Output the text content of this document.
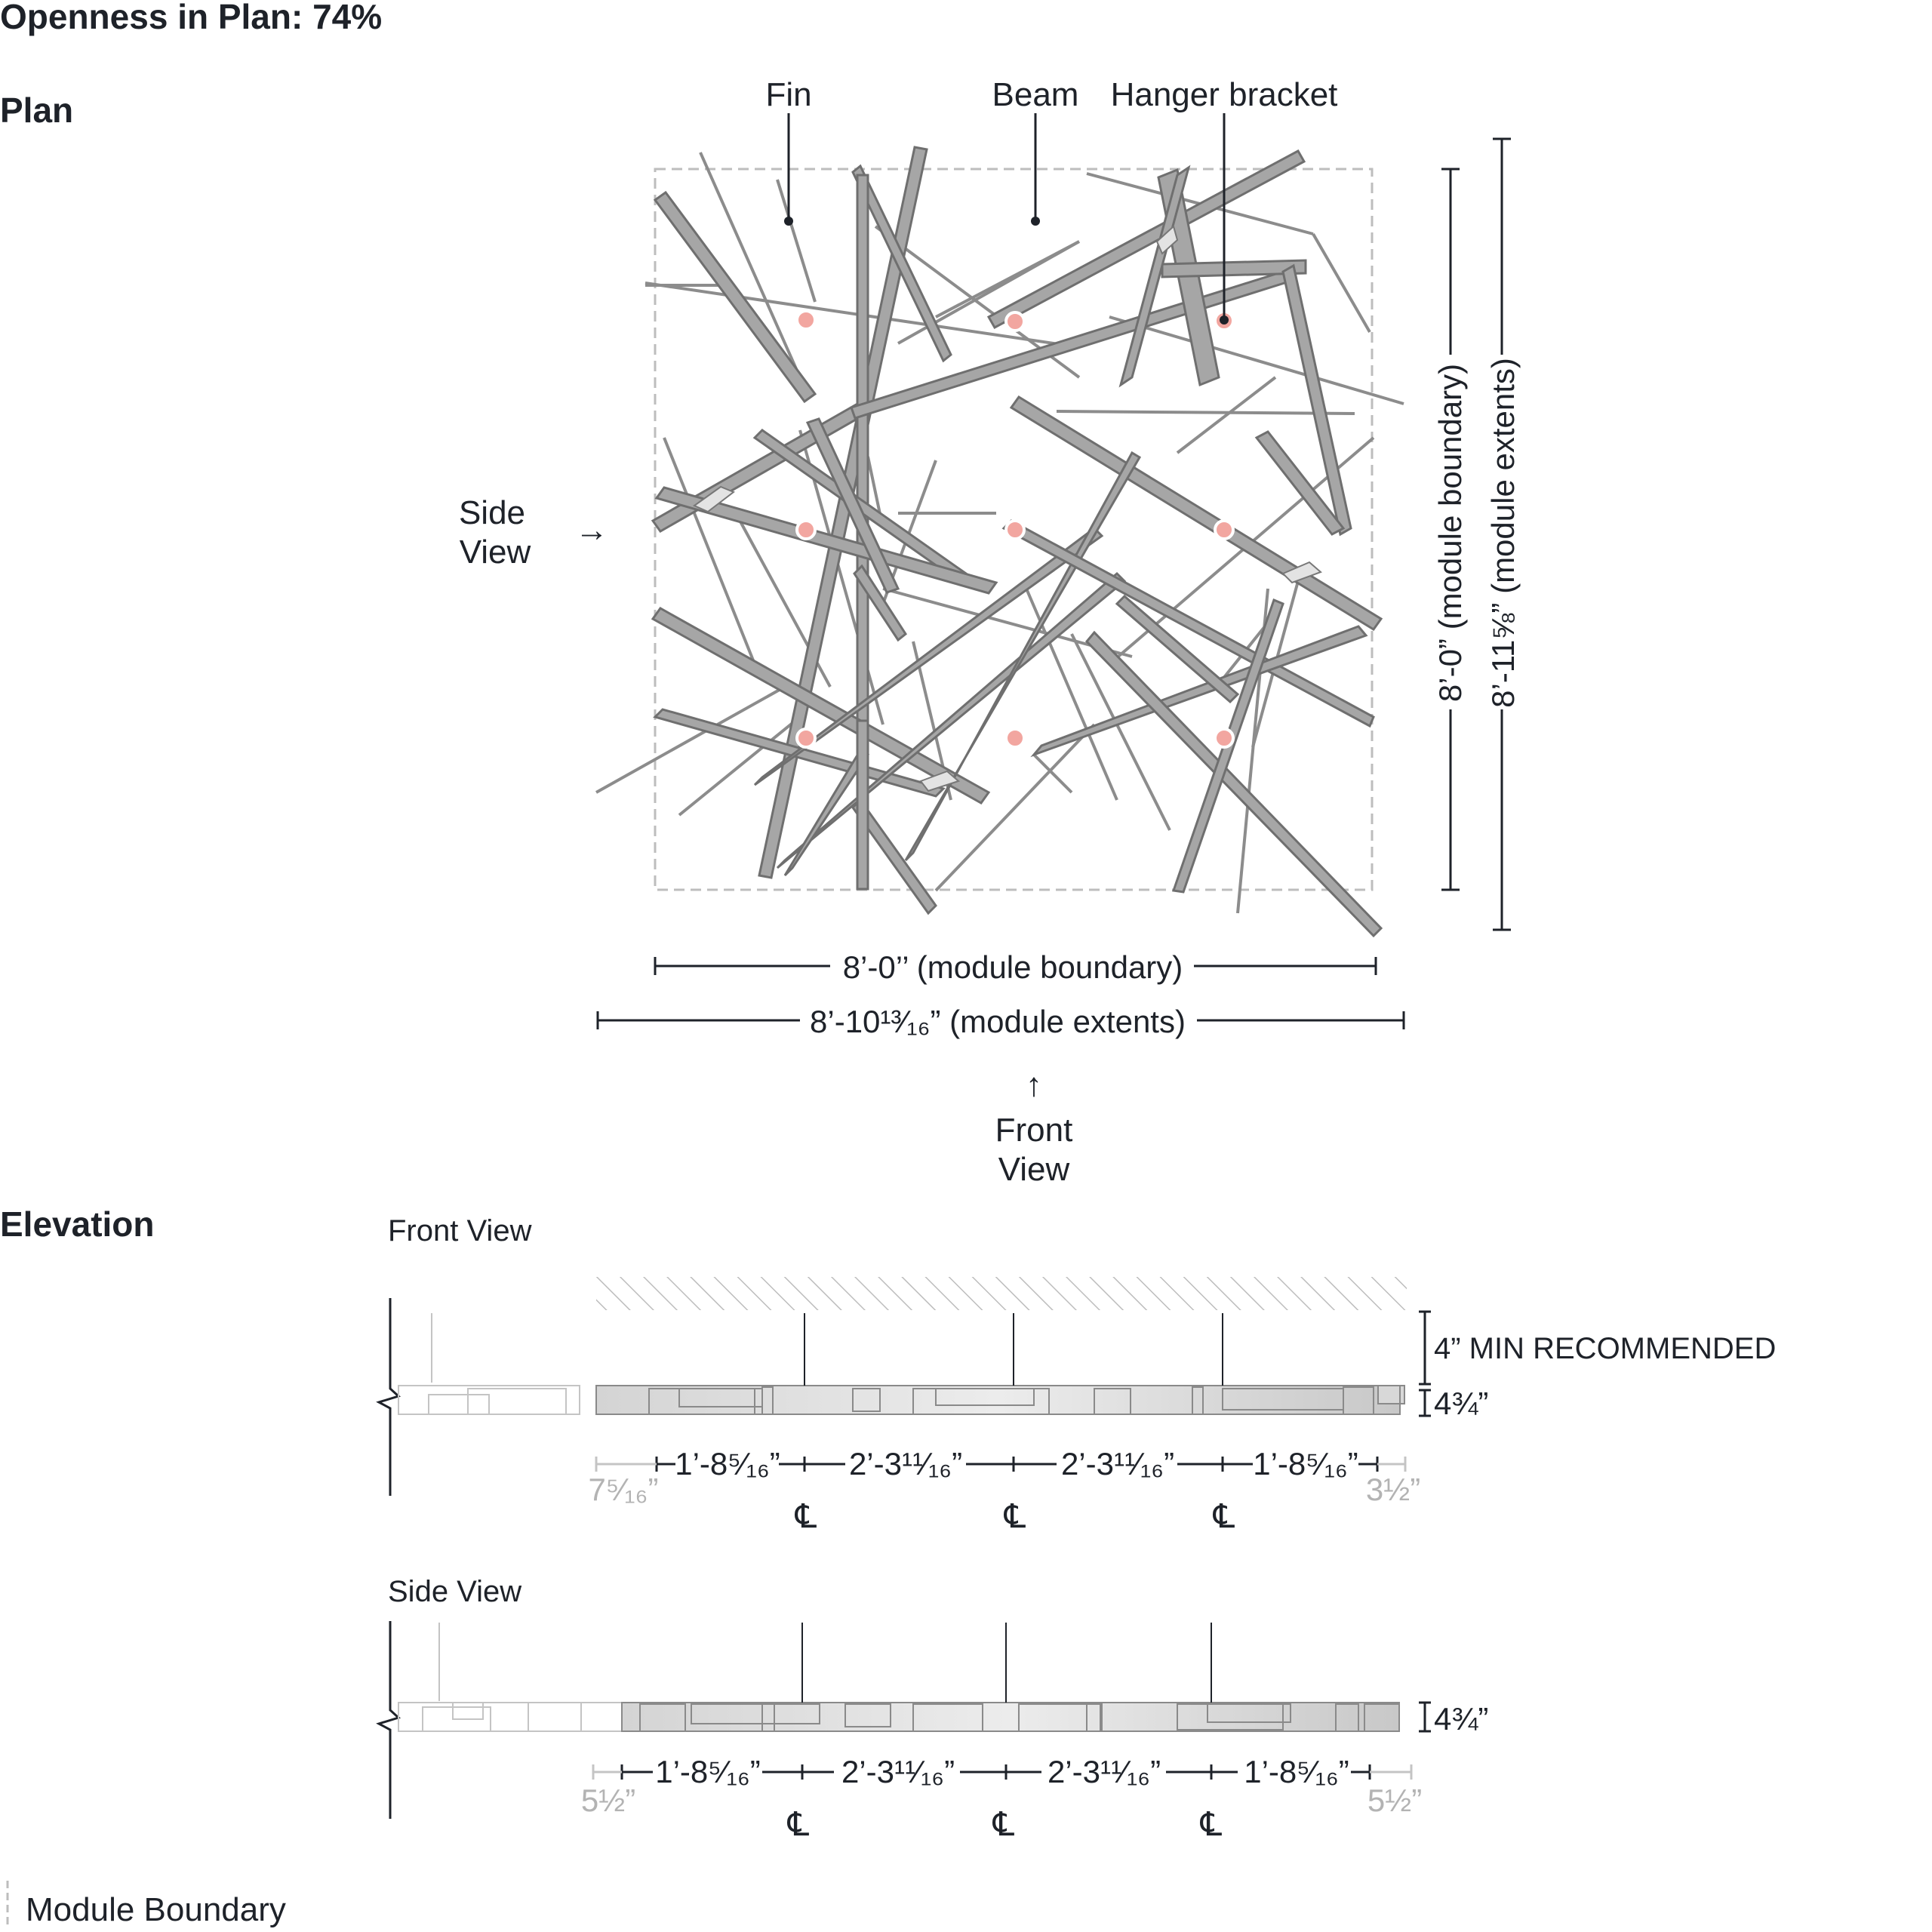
Openness in Plan: 74%
Plan
Elevation
Fin	Beam Hanger bracket
Side
View
→
↑
Front
View
8’-0’’ (module boundary)
8’-10¹³⁄₁₆” (module extents)
8’-0” (module boundary) 8’-11⅝” (module extents)
Front View
4” MIN RECOMMENDED
4¾”
7⁵⁄₁₆”
1’-8⁵⁄₁₆” 2’-3¹¹⁄₁₆”	2’-3¹¹⁄₁₆” 1’-8⁵⁄₁₆”
3½”
℄	℄	℄
Side View
4¾”
5½”
1’-8⁵⁄₁₆”	2’-3¹¹⁄₁₆”	2’-3¹¹⁄₁₆”	1’-8⁵⁄₁₆”
5½”
℄	℄	℄
Module Boundary
